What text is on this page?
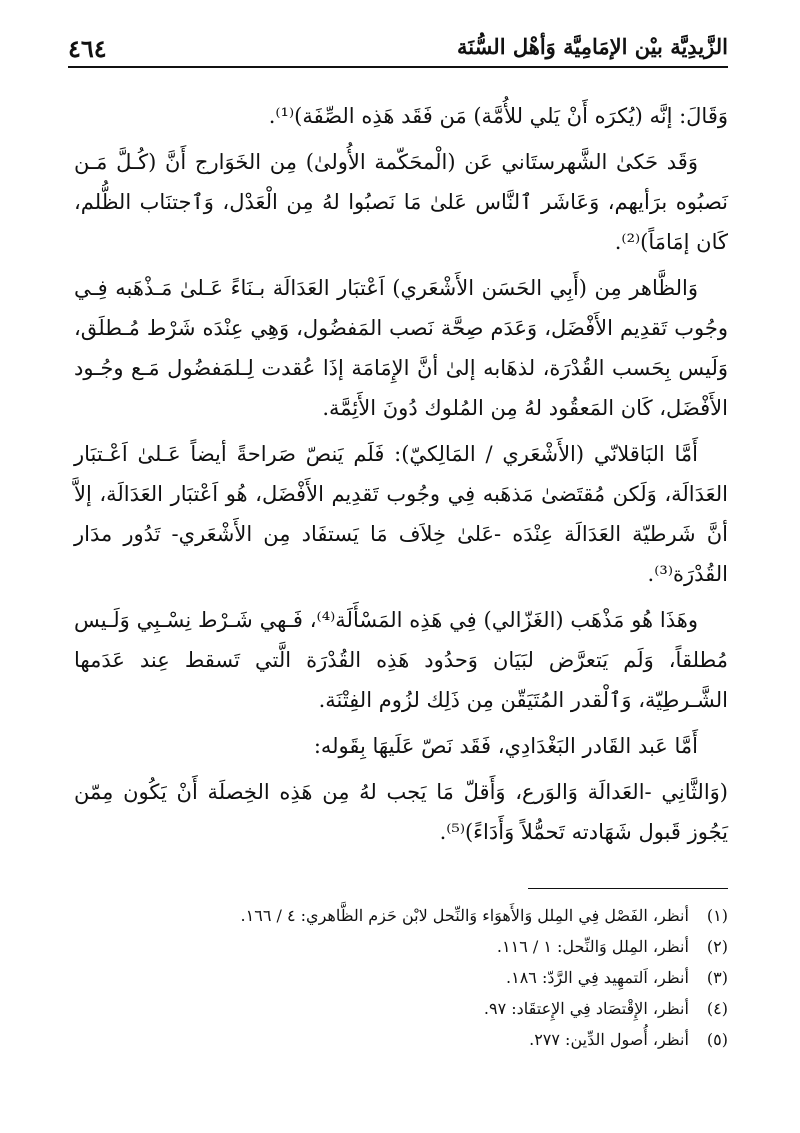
الزَّيدِيَّة بيْن الإمَامِيَّة وَأهْل السُّنَة
٤٦٤

وَقَالَ: إنَّه (يُكرَه أَنْ يَلي للأُمَّة) مَن فَقَد هَذِه الصِّفَة)⁽¹⁾.

وَقَد حَكىٰ الشَّهرستَاني عَن (الْمحَكّمة الأُولىٰ) مِن الخَوَارج أَنَّ (كُـلَّ مَـن نَصبُوه برَأيهم، وَعَاشَر ٱلنَّاس عَلىٰ مَا نَصبُوا لهُ مِن الْعَدْل، وَٱجتنَاب الظُّلم، كَان إمَامَاً)⁽²⁾.

وَالظَّاهر مِن (أَبِي الحَسَن الأَشْعَري) اَعْتبَار العَدَالَة بـنَاءً عَـلىٰ مَـذْهَبه فِـي وجُوب تَقدِيم الأَفْضَل، وَعَدَم صِحَّة نَصب المَفضُول، وَهِي عِنْدَه شَرْط مُـطلَق، وَلَيس بِحَسب القُدْرَة، لذهَابه إلىٰ أنَّ الإِمَامَة إذَا عُقدت لِـلمَفضُول مَـع وجُـود الأَفْضَل، كَان المَعقُود لهُ مِن المُلوك دُونَ الأَئِمَّة.

أَمَّا البَاقلانّي (الأَشْعَري / المَالِكيّ): فَلَم يَنصّ صَراحةً أيضاً عَـلىٰ اَعْـتبَار العَدَالَة، وَلَكن مُقتَضىٰ مَذهَبه فِي وجُوب تَقدِيم الأَفْضَل، هُو اَعْتبَار العَدَالَة، إلاَّ أنَّ شَرطيّة العَدَالَة عِنْدَه -عَلىٰ خِلاَف مَا يَستفَاد مِن الأَشْعَري- تَدُور مدَار القُدْرَة⁽³⁾.

وهَذَا هُو مَذْهَب (الغَزّالي) فِي هَذِه المَسْأَلَة⁽⁴⁾، فَـهي شَـرْط نِسْـبِي وَلَـيس مُطلقاً، وَلَم يَتعرَّض لبَيَان وَحدُود هَذِه القُدْرَة الَّتي تَسقط عِند عَدَمها الشَّـرطِيّة، وَٱلْقدر المُتَيَقّن مِن ذَلِك لزُوم الفِتْنَة.

أَمَّا عَبد القَادر البَغْدَادِي، فَقَد نَصّ عَلَيهَا بِقَوله:

(وَالثَّانِي -العَدالَة وَالوَرع، وَأَقلّ مَا يَجب لهُ مِن هَذِه الخِصلَة أَنْ يَكُون مِمّن يَجُوز قَبول شَهَادته تَحمُّلاً وَأَدَاءً)⁽⁵⁾.

(١) أنظر، الفَصْل فِي المِلل وَالأَهوَاء وَالنِّحل لابْن حَزم الظَّاهري: ٤ / ١٦٦.

(٢) أنظر، المِلل وَالنِّحل: ١ / ١١٦.

(٣) أنظر، اَلتمهِيد فِي الرَّدّ: ١٨٦.

(٤) أنظر، الإِقْتصَاد فِي الإِعتقَاد: ٩٧.

(٥) أنظر، أُصول الدِّين: ٢٧٧.
